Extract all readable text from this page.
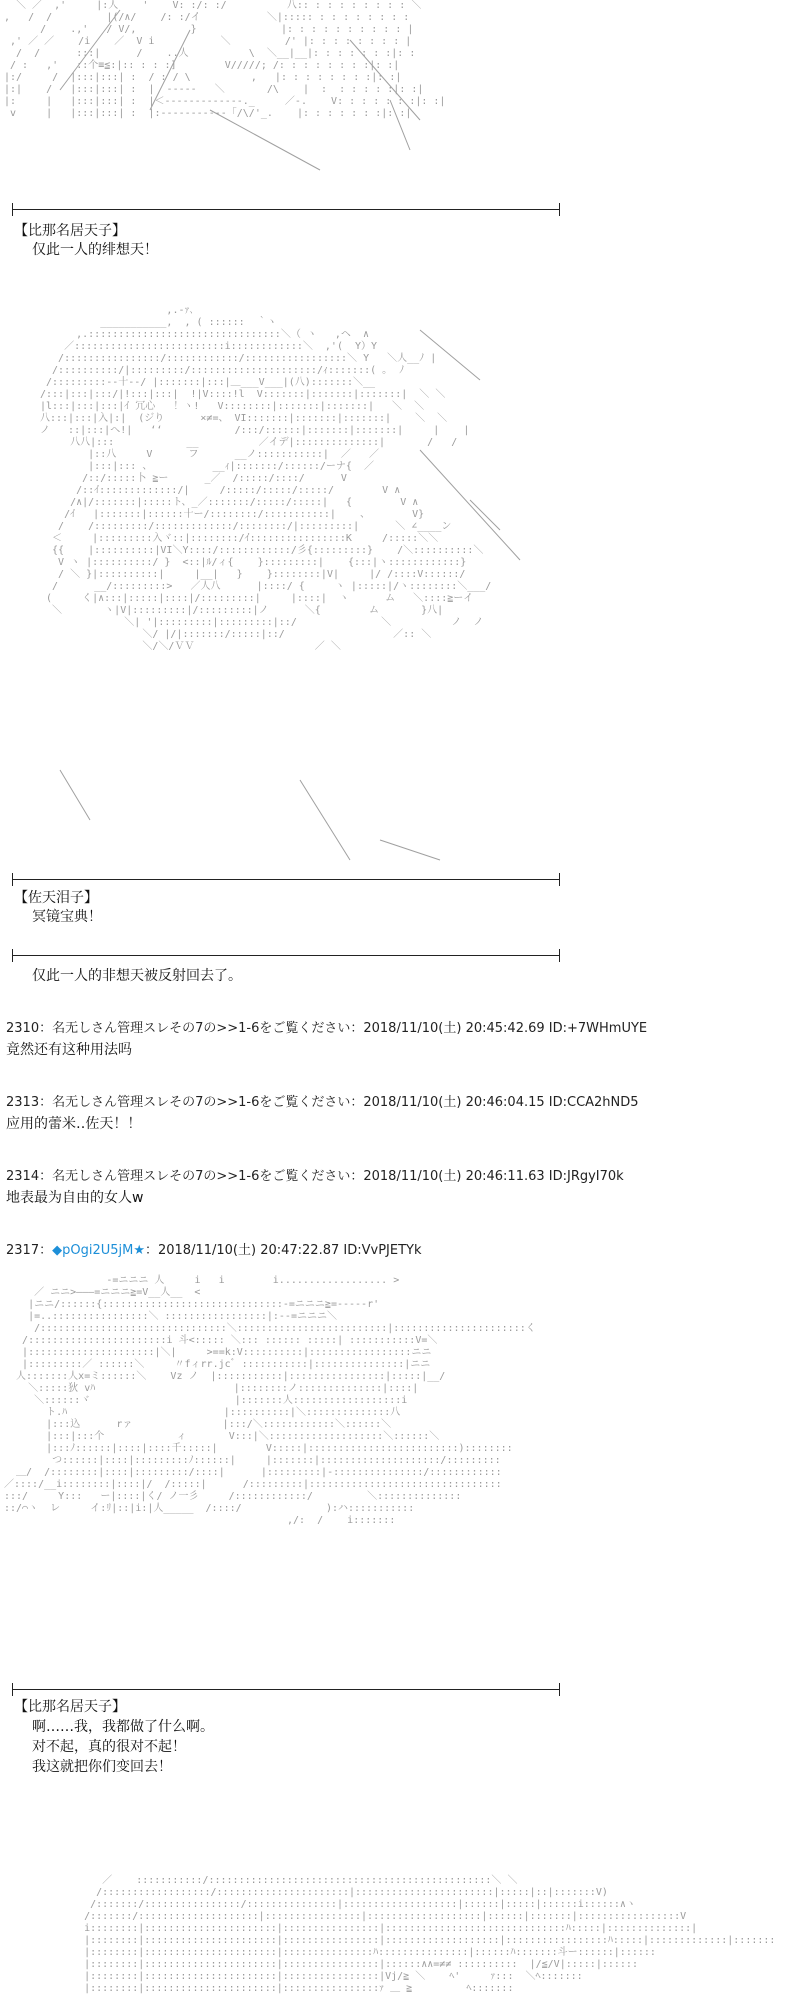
＼ ／  ,'     |:人    '    V: :/: :/          八:: : : : : : : : : ＼
,   /  /         |(/∧/    /: :/イ           ＼|::::: : : : : : : : :
/    .,'   / V/,         }              |: : : : : : : : : : |
,' ／ ／    /i    ／  V i           ＼         /' |: : : : : : : : |
/  /      :::|      /    ..人          \  ＼__|__|: : : : : : :|: :
/ :   ,'   ::个≡≦:|:: : : :]        V/////; /: : : : : : : :|: :|
|:/     /  |:::|:::| :  / : / \          ,   |: : : : : : : :|: :|
|:|    /   |:::|:::| :  |  -----   ＼       /\    |  :  : : : : :|: :|
|:     |   |:::|:::| :  |＜-------------._     ／-.    V: : : : : : :|: :|
v     |   |:::|:::| :  |:-----------「/\/'_.    |: : : : : : :|: :|
【比那名居天子】
仅此一人的绯想天！
,.‐ｧ､
___________,  , ( ::::::  ｀ヽ
,.::::::::::::::::::::::::::::::::＼（ ヽ   ,ヘ  ∧
／:::::::::::::::::::::::::i::::::::::::＼  ,'(  Y）Y
/::::::::::::::::/::::::::::::/:::::::::::::::::＼ Y   ＼人__ﾉ |
/::::::::::/|:::::::::/:::::::::::::::::::::/ｨ:::::::( ｡  ﾉ
/:::::::::--十--/ |:::::::|:::|＿___V___|(八):::::::＼__
/:::|:::|:::/|!:::|:::|  !|V::::!l  V:::::::|:::::::|:::::::|  ＼ ＼
|l:::|:::|:::|ｲ 冗心   ！ヽ!   V::::::::|:::::::|:::::::|   ＼  ＼
八:::|:::|入|:|  (ジり      ×≠=、 VI:::::::|:::::::|:::::::|    ＼  ＼
ノ   ::|:::|へ!|   ‘‘            /:::/::::::|:::::::|:::::::|     |    |
八八|:::            __          ／イデ|::::::::::::::|       /   /
|::八     V      フ      __ノ:::::::::::|  ／   ／
|:::|::: 、          __ｨ|:::::::/::::::/ーナ{  ／
/::/:::::卜 ≧ー      _／  /:::::/::::/      V
/::ｲ:::::::::::::/|     /:::::/:::::/:::::/        V ∧
/∧|/:::::::|:::::ト、_／:::::::/:::::/:::::|   {        V ∧
/ｲ   |:::::::|::::::十ー/::::::::/:::::::::::|    、       V}
/    /:::::::::/:::::::::::::/::::::::/|:::::::::|      ＼ ∠____ン
＜     |:::::::::入ヾ::|::::::::/ｲ::::::::::::::::K     /:::::＼＼
{{    |::::::::::|VI＼Y::::/::::::::::::/彡{:::::::::}    /＼::::::::::＼
V ヽ |::::::::::/ }  <::|ﾙ/ィ{    }:::::::::|    {:::|ヽ::::::::::::}
/ ＼ }|::::::::::|     |__|   }    }::::::::|V|     |/ /::::V::::::/
/      __/:::::::::>   ／人八      |::::/ {     ヽ |:::::|/ヽ::::::::＼___/
(     く|∧:::|:::::|::::|/:::::::::|     |::::|  ヽ      ム   ＼::::≧ーイ
＼       ヽ|V|:::::::::|/:::::::::|ノ      ＼{        ム       }八|
＼| '|:::::::::|:::::::::|::/              ＼          ノ  ノ
＼/ |/|:::::::/:::::|::/                  ／:: ＼
＼/＼/ＶＶ                    ／ ＼
【佐天泪子】
冥镜宝典！
仅此一人的非想天被反射回去了。
2310：名无しさん管理スレその7の>>1-6をご覧ください：2018/11/10(土) 20:45:42.69 ID:+7WHmUYE
竟然还有这种用法吗
2313：名无しさん管理スレその7の>>1-6をご覧ください：2018/11/10(土) 20:46:04.15 ID:CCA2hND5
应用的蕾米‥佐天！！
2314：名无しさん管理スレその7の>>1-6をご覧ください：2018/11/10(土) 20:46:11.63 ID:JRgyI70k
地表最为自由的女人w
2317：◆pOgi2U5jM★：2018/11/10(土) 20:47:22.87 ID:VvPJETYk
-=ニニニ 人     i   i        i.................. >
／ ニニ>―――=ニニニ≧=V__人__  <
|ニニ/::::::{::::::::::::::::::::::::::::::-=ニニニ≧=-----r'
|=..::::::::::::::::＼ :::::::::::::::::|:--=ニニニ＼
/:::::::::::::::::::::::::::::::＼:::::::::::::::::::::::::|::::::::::::::::::::::く
/:::::::::::::::::::::::i 斗<::::: ＼::: :::::: :::::| :::::::::::V=＼
|:::::::::::::::::::::|＼|     >==k:V::::::::::|:::::::::::::::::ニニ
|:::::::::／ ::::::＼     〃fィrr.jcﾞ :::::::::::|:::::::::::::::|ニニ
人:::::::人x=ミ::::::＼    Vz ノ  |:::::::::::|::::::::::::::::|:::::|__/
＼:::::狄 vﾊ                       |::::::::ノ::::::::::::::|::::|
＼::::::ヾ                        |:::::::人::::::::::::::::::i
ト.ﾊ                          |::::::::::|＼::::::::::::::八
|:::込      rァ               |:::/＼::::::::::::＼::::::＼
|:::|:::个            ィ       V:::|＼:::::::::::::::::::＼::::::＼
|:::ﾉ::::::|::::|::::千:::::|        V:::::|:::::::::::::::::::::::::)::::::::
つ::::::|::::|:::::::::ﾉ::::::|     |:::::::|::::::::::::::::::::/:::::::::
＿/  /::::::::|::::|:::::::::/::::|      |:::::::::|-:::::::::::::::/::::::::::::
／::::/__i::::::::|::::|/  /:::::|      /:::::::::|::::::::::::::::::::::::::::::::
:::/     Y:::   ー|::::|く/ ノ一彡     /::::::::::::/         ＼::::::::::::::
::/⌒ヽ  レ     イ:ﾘ|::|i:|人_____  /::::/              ):ハ:::::::::::
,/:  /    i:::::::
【比那名居天子】
啊……我，我都做了什么啊。
对不起，真的很对不起！
我这就把你们变回去！
／    :::::::::::/:::::::::::::::::::::::::::::::::::::::::::::::＼ ＼
/::::::::::::::::::/::::::::::::::::::::::|:::::::::::::::::::::::|:::::|::|:::::::V)
/:::::::/::::::::::::::::/:::::::::::::::|:::::::::::::::::::|::::::|:::::|::::::i::::::∧ヽ
/:::::::/::::::::::::::::::::|::::::::::::::::|:::::::::::::::::::|::::::|:::::::|:::::::::::::::::V
i::::::::|::::::::::::::::::::::|::::::::::::::::|::::::::::::::::::::::::::::::ﾊ:::::|::::::::::::::|
|::::::::|::::::::::::::::::::::|::::::::::::::::|:::::::::::::::::::|:::::::::::::::::ﾊ:::::|:::::::::::::|:::::::
|::::::::|::::::::::::::::::::::|:::::::::::::::ﾊ:::::::::::::::|::::::ﾊ:::::::斗ー::::::|::::::
|::::::::|::::::::::::::::::::::|::::::::::::::::|::::::∧∧=≠≠ ::::::::::  |/≦/V|:::::|::::::
|::::::::|::::::::::::::::::::::|::::::::::::::::|Vj/≧ ＼    ﾍ'     ｧ:::  ＼ﾍ:::::::
|::::::::|::::::::::::::::::::::|::::::::::::::::ｧ ＿ ≧         ﾍ:::::::
